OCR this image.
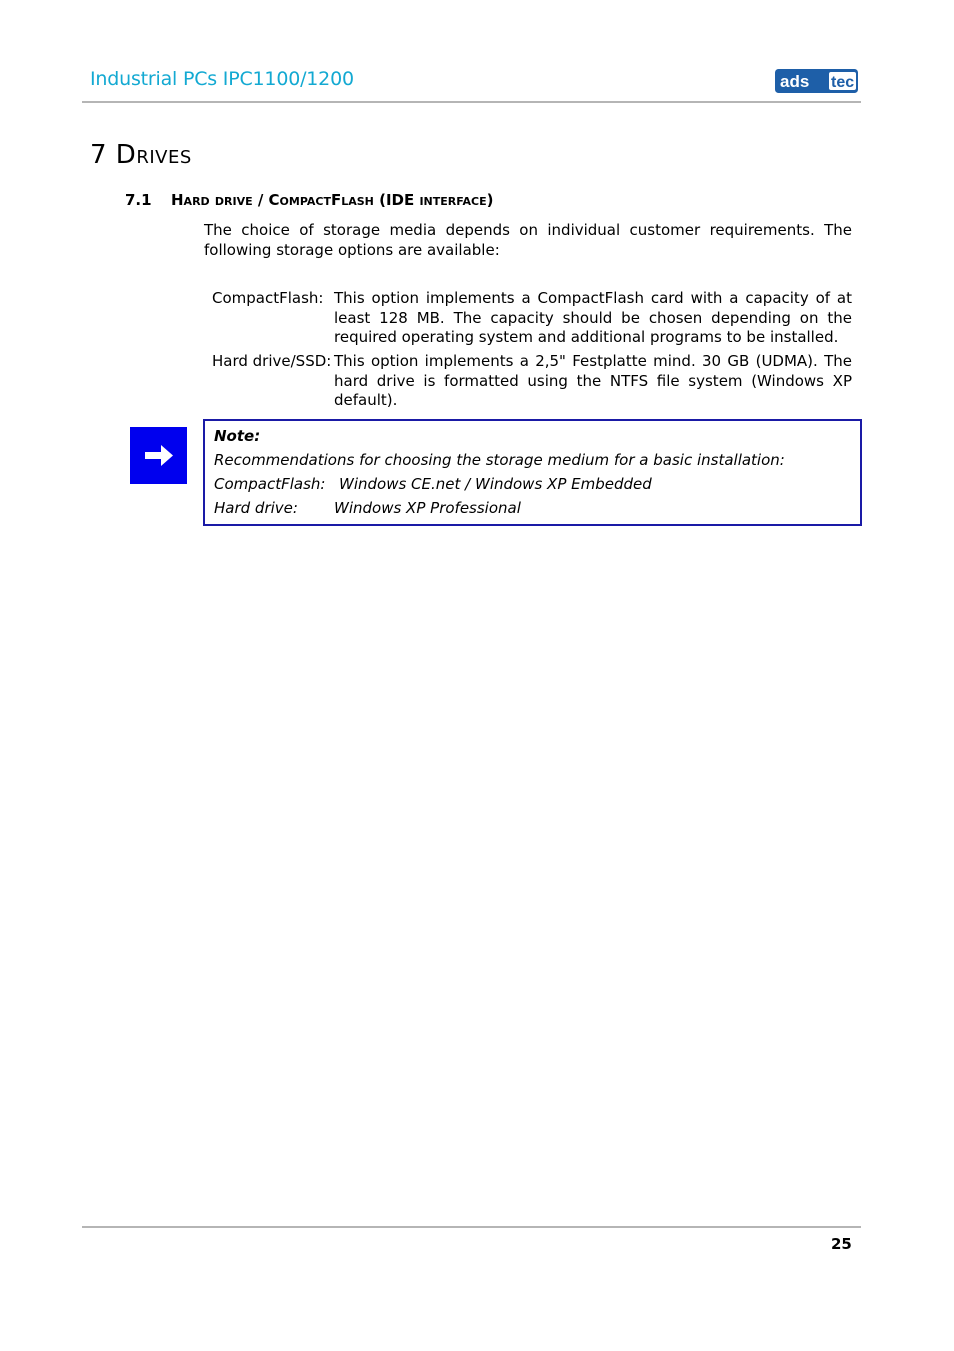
Industrial PCs IPC1100/1200	ads tec
7 Drives
7.1 Hard drive / CompactFlash (IDE interface)
The choice of storage media depends on individual customer requirements. The following storage options are available:
CompactFlash: This option implements a CompactFlash card with a capacity of at least 128 MB. The capacity should be chosen depending on the required operating system and additional programs to be installed.
Hard drive/SSD: This option implements a 2,5" Festplatte mind. 30 GB (UDMA). The hard drive is formatted using the NTFS file system (Windows XP default).
Note:
Recommendations for choosing the storage medium for a basic installation:
CompactFlash: Windows CE.net / Windows XP Embedded
Hard drive: Windows XP Professional
25
